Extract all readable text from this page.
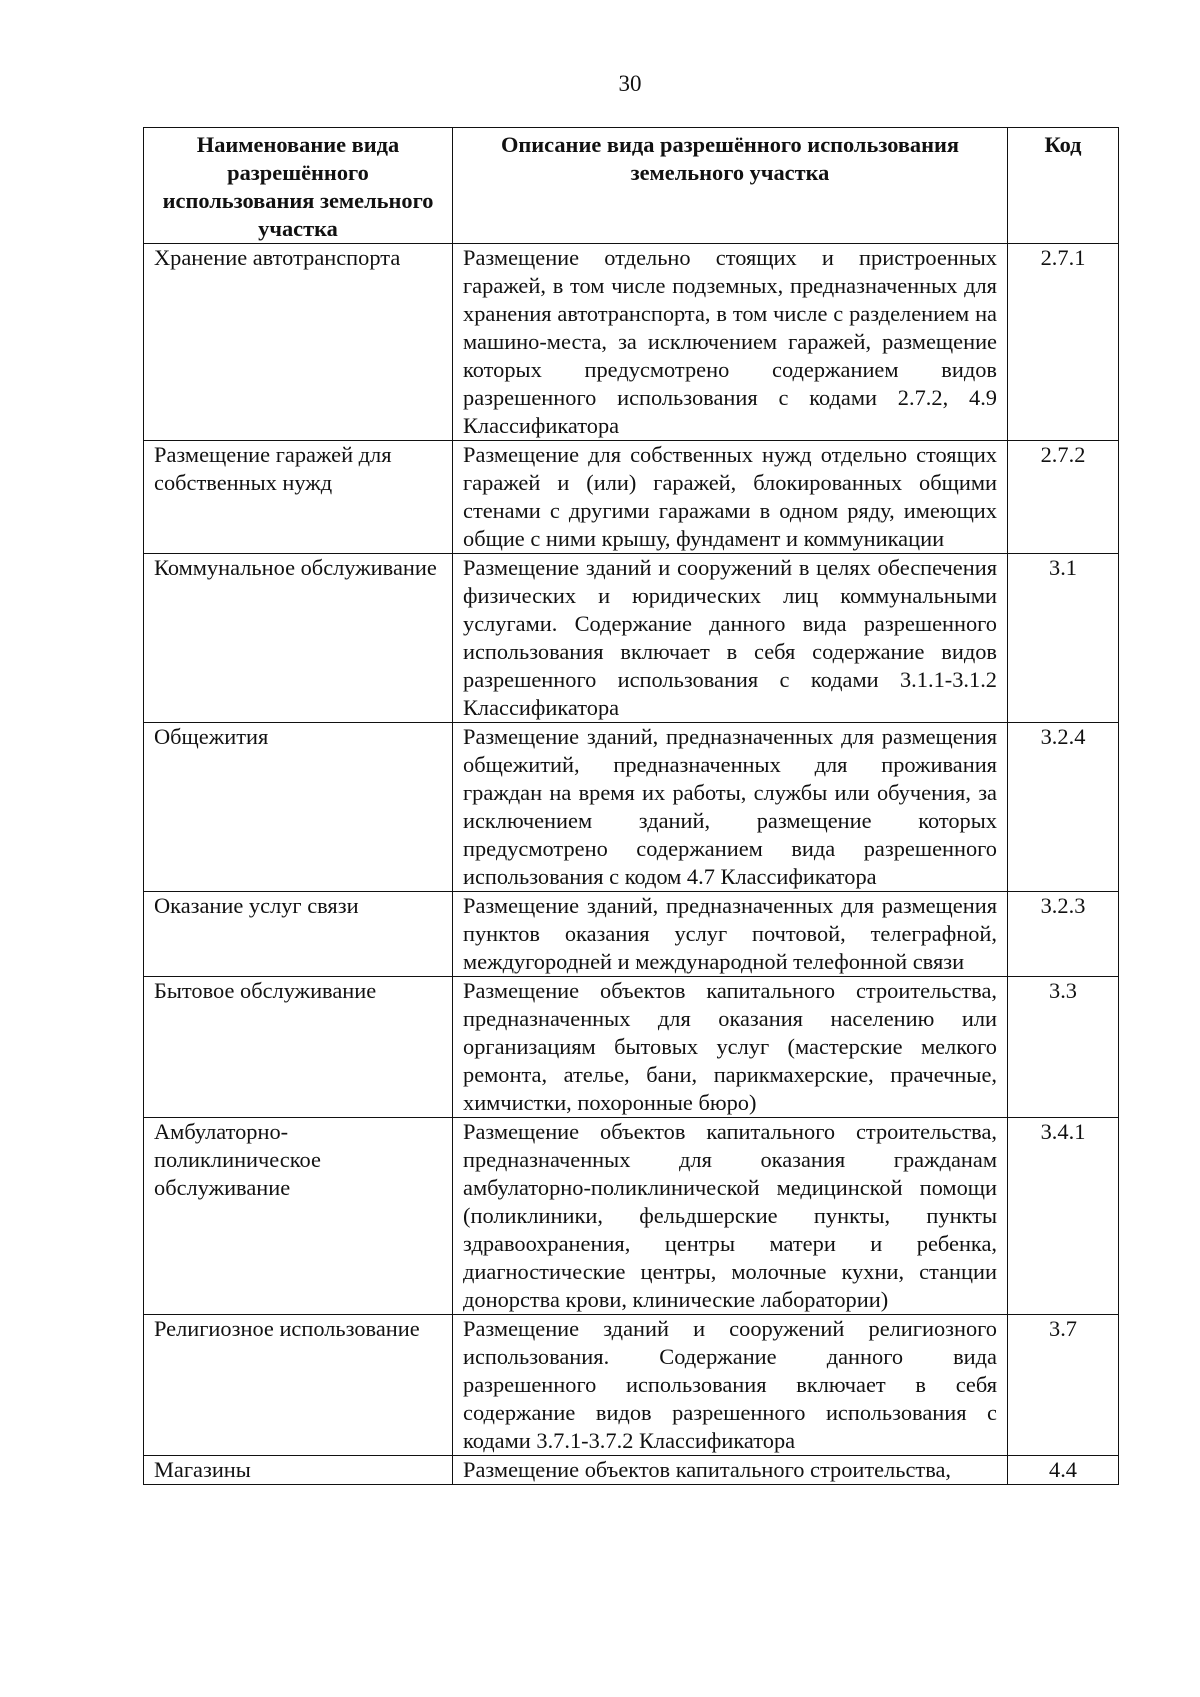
30
Наименование вида разрешённого использования земельного участка	Описание вида разрешённого использования земельного участка	Код
Хранение автотранспорта	Размещение отдельно стоящих и пристроенных гаражей, в том числе подземных, предназначенных для хранения автотранспорта, в том числе с разделением на машино-места, за исключением гаражей, размещение которых предусмотрено содержанием видов разрешенного использования с кодами 2.7.2, 4.9 Классификатора	2.7.1
Размещение гаражей для собственных нужд	Размещение для собственных нужд отдельно стоящих гаражей и (или) гаражей, блокированных общими стенами с другими гаражами в одном ряду, имеющих общие с ними крышу, фундамент и коммуникации	2.7.2
Коммунальное обслуживание	Размещение зданий и сооружений в целях обеспечения физических и юридических лиц коммунальными услугами. Содержание данного вида разрешенного использования включает в себя содержание видов разрешенного использования с кодами 3.1.1-3.1.2 Классификатора	3.1
Общежития	Размещение зданий, предназначенных для размещения общежитий, предназначенных для проживания граждан на время их работы, службы или обучения, за исключением зданий, размещение которых предусмотрено содержанием вида разрешенного использования с кодом 4.7 Классификатора	3.2.4
Оказание услуг связи	Размещение зданий, предназначенных для размещения пунктов оказания услуг почтовой, телеграфной, междугородней и международной телефонной связи	3.2.3
Бытовое обслуживание	Размещение объектов капитального строительства, предназначенных для оказания населению или организациям бытовых услуг (мастерские мелкого ремонта, ателье, бани, парикмахерские, прачечные, химчистки, похоронные бюро)	3.3
Амбулаторно-поликлиническое обслуживание	Размещение объектов капитального строительства, предназначенных для оказания гражданам амбулаторно-поликлинической медицинской помощи (поликлиники, фельдшерские пункты, пункты здравоохранения, центры матери и ребенка, диагностические центры, молочные кухни, станции донорства крови, клинические лаборатории)	3.4.1
Религиозное использование	Размещение зданий и сооружений религиозного использования. Содержание данного вида разрешенного использования включает в себя содержание видов разрешенного использования с кодами 3.7.1-3.7.2 Классификатора	3.7
Магазины	Размещение объектов капитального строительства,	4.4
